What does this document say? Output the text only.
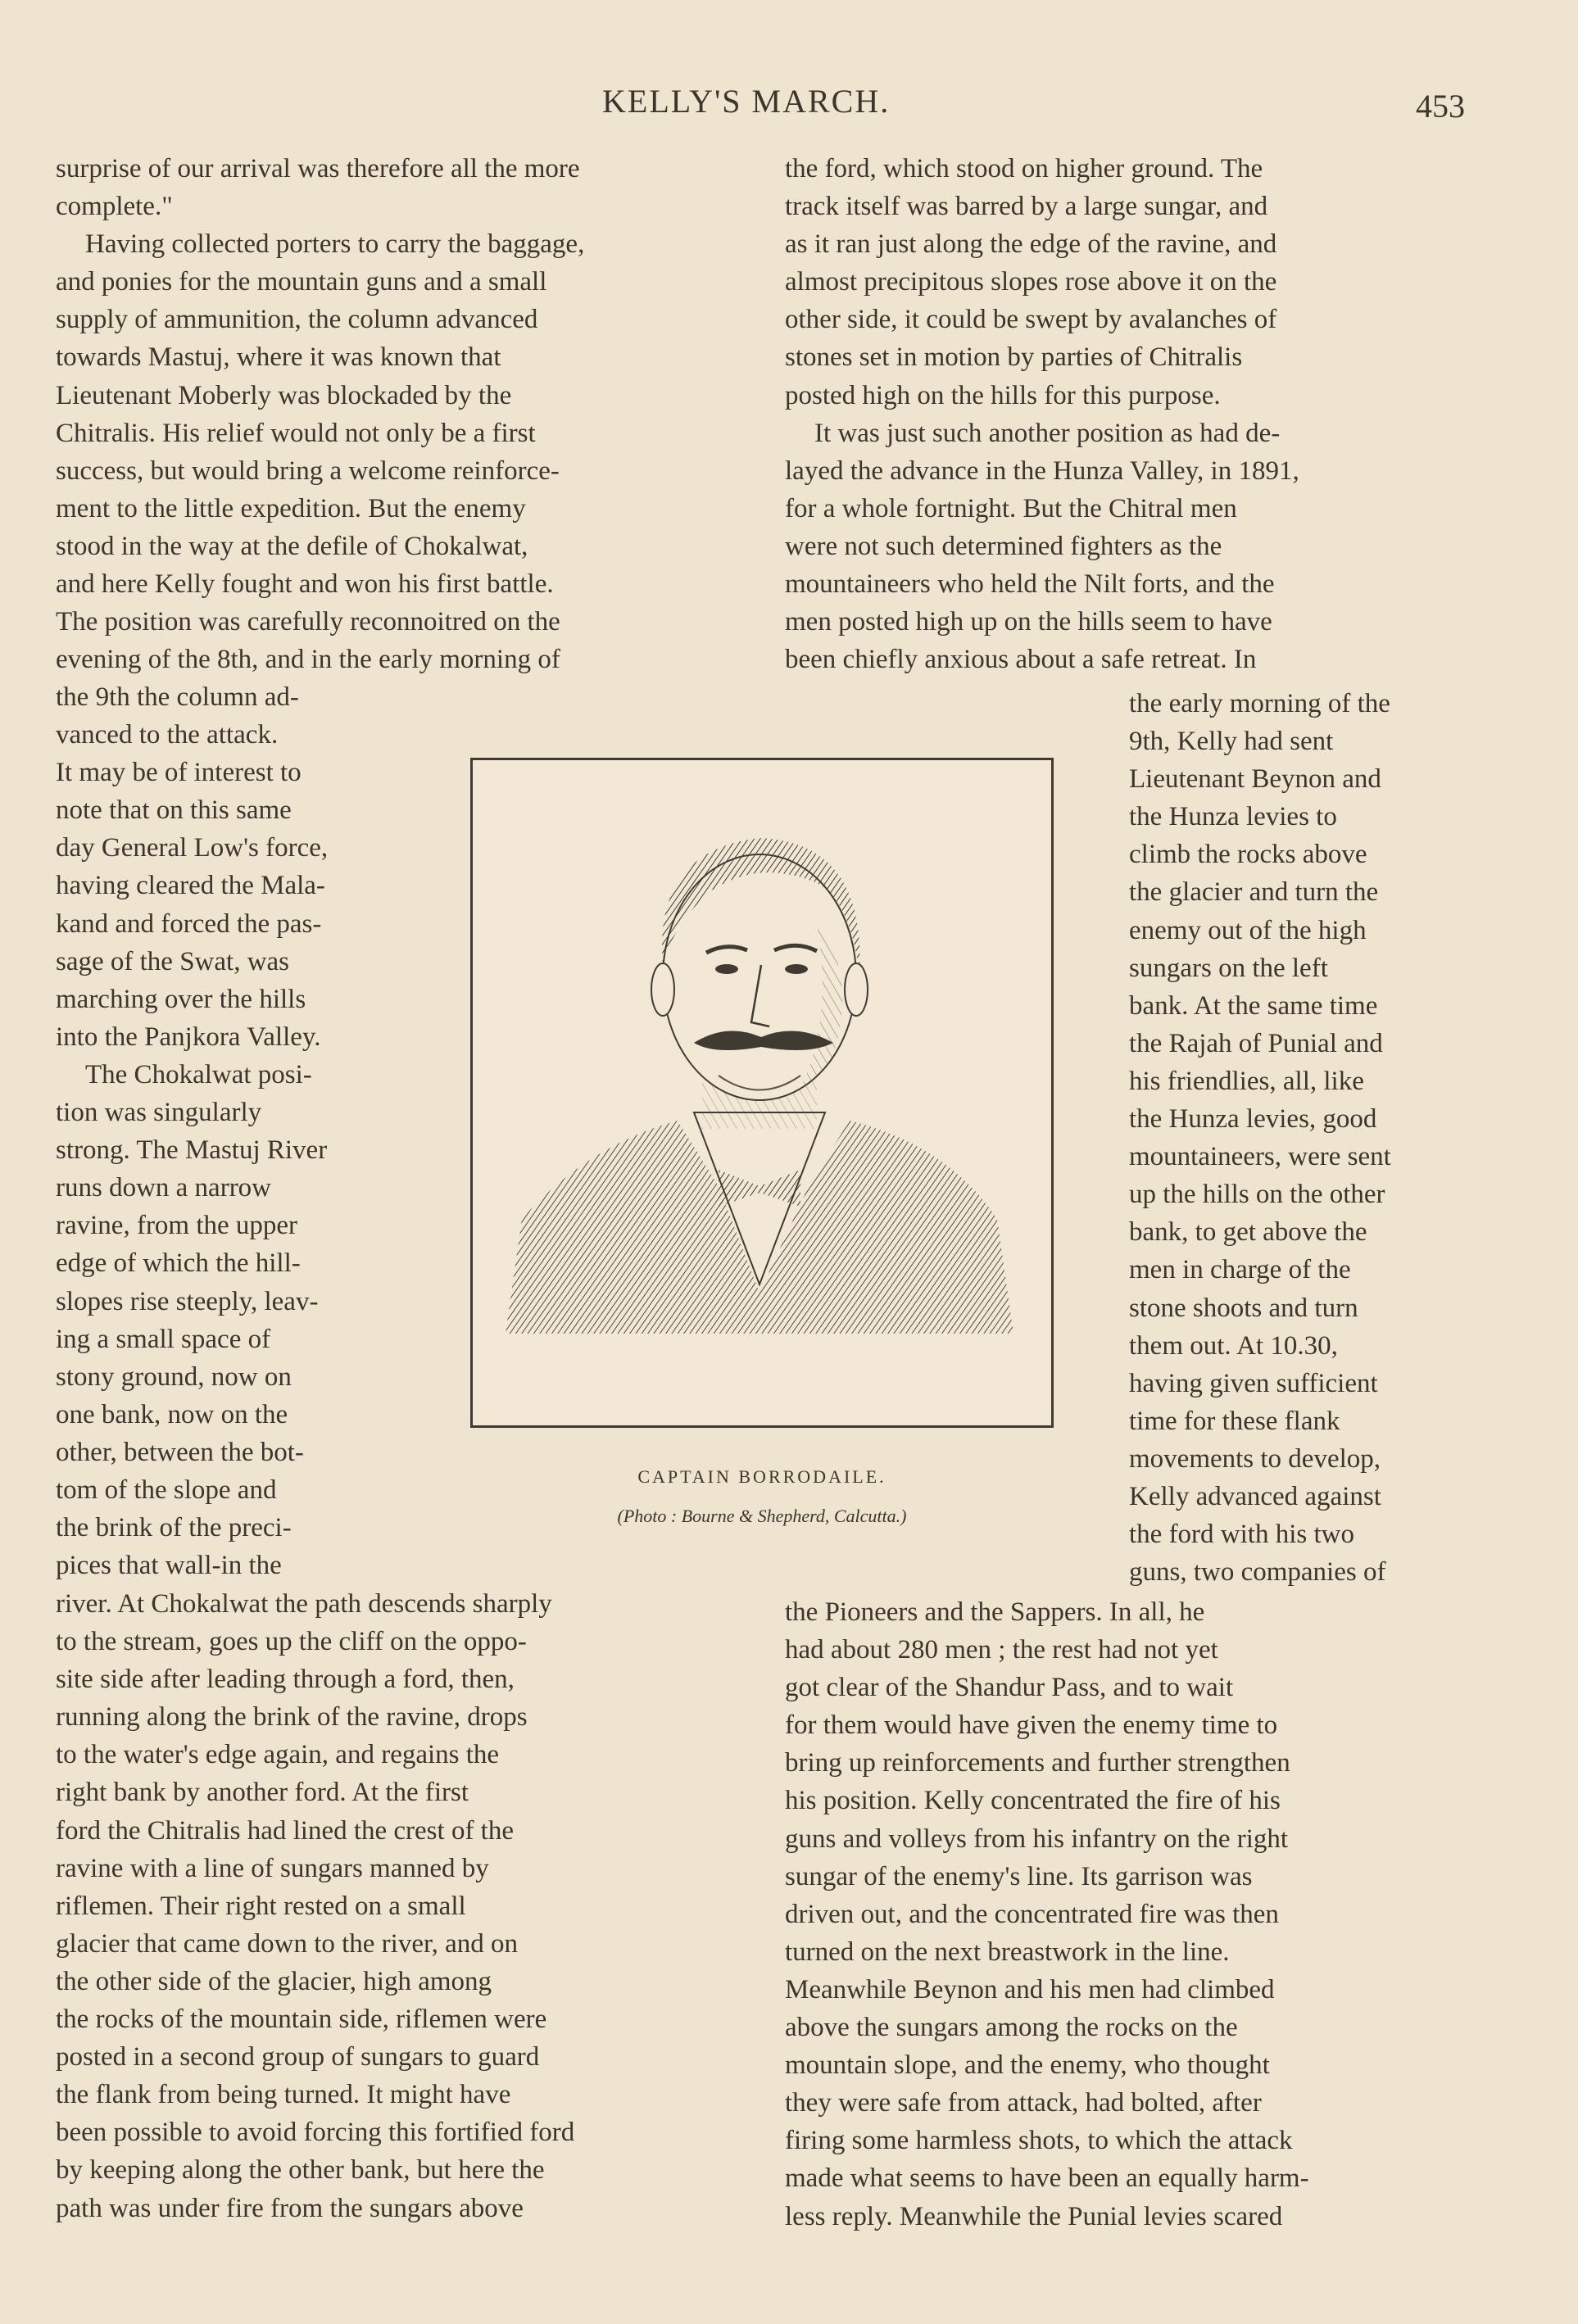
KELLY'S MARCH.	453
surprise of our arrival was therefore all the more
complete."
Having collected porters to carry the baggage,
and ponies for the mountain guns and a small
supply of ammunition, the column advanced
towards Mastuj, where it was known that
Lieutenant Moberly was blockaded by the
Chitralis. His relief would not only be a first
success, but would bring a welcome reinforce-
ment to the little expedition. But the enemy
stood in the way at the defile of Chokalwat,
and here Kelly fought and won his first battle.
The position was carefully reconnoitred on the
evening of the 8th, and in the early morning of
the 9th the column ad-
vanced to the attack.
It may be of interest to
note that on this same
day General Low's force,
having cleared the Mala-
kand and forced the pas-
sage of the Swat, was
marching over the hills
into the Panjkora Valley.
The Chokalwat posi-
tion was singularly
strong. The Mastuj River
runs down a narrow
ravine, from the upper
edge of which the hill-
slopes rise steeply, leav-
ing a small space of
stony ground, now on
one bank, now on the
other, between the bot-
tom of the slope and
the brink of the preci-
pices that wall-in the
river. At Chokalwat the path descends sharply
to the stream, goes up the cliff on the oppo-
site side after leading through a ford, then,
running along the brink of the ravine, drops
to the water's edge again, and regains the
right bank by another ford. At the first
ford the Chitralis had lined the crest of the
ravine with a line of sungars manned by
riflemen. Their right rested on a small
glacier that came down to the river, and on
the other side of the glacier, high among
the rocks of the mountain side, riflemen were
posted in a second group of sungars to guard
the flank from being turned. It might have
been possible to avoid forcing this fortified ford
by keeping along the other bank, but here the
path was under fire from the sungars above
the ford, which stood on higher ground. The
track itself was barred by a large sungar, and
as it ran just along the edge of the ravine, and
almost precipitous slopes rose above it on the
other side, it could be swept by avalanches of
stones set in motion by parties of Chitralis
posted high on the hills for this purpose.
It was just such another position as had de-
layed the advance in the Hunza Valley, in 1891,
for a whole fortnight. But the Chitral men
were not such determined fighters as the
mountaineers who held the Nilt forts, and the
men posted high up on the hills seem to have
been chiefly anxious about a safe retreat. In
the early morning of the
9th, Kelly had sent
Lieutenant Beynon and
the Hunza levies to
climb the rocks above
the glacier and turn the
enemy out of the high
sungars on the left
bank. At the same time
the Rajah of Punial and
his friendlies, all, like
the Hunza levies, good
mountaineers, were sent
up the hills on the other
bank, to get above the
men in charge of the
stone shoots and turn
them out. At 10.30,
having given sufficient
time for these flank
movements to develop,
Kelly advanced against
the ford with his two
guns, two companies of
the Pioneers and the Sappers. In all, he
had about 280 men ; the rest had not yet
got clear of the Shandur Pass, and to wait
for them would have given the enemy time to
bring up reinforcements and further strengthen
his position. Kelly concentrated the fire of his
guns and volleys from his infantry on the right
sungar of the enemy's line. Its garrison was
driven out, and the concentrated fire was then
turned on the next breastwork in the line.
Meanwhile Beynon and his men had climbed
above the sungars among the rocks on the
mountain slope, and the enemy, who thought
they were safe from attack, had bolted, after
firing some harmless shots, to which the attack
made what seems to have been an equally harm-
less reply. Meanwhile the Punial levies scared
CAPTAIN BORRODAILE.
(Photo : Bourne & Shepherd, Calcutta.)
